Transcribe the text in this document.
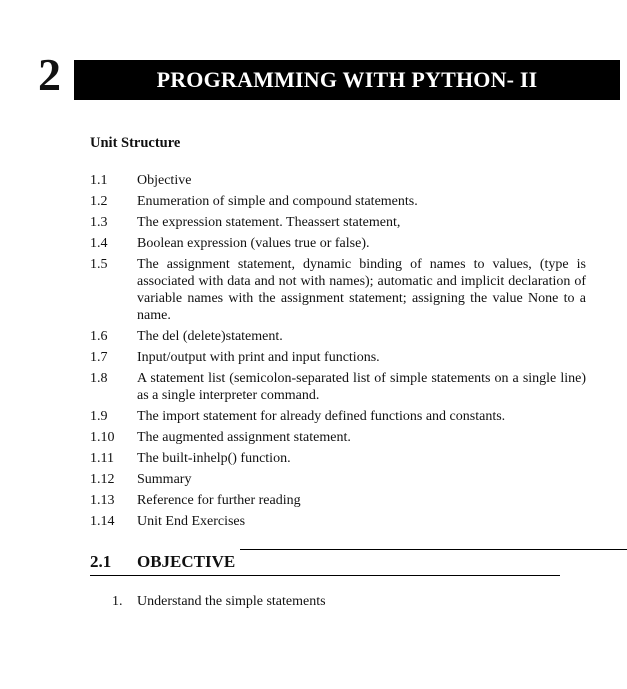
2	PROGRAMMING WITH PYTHON- II
Unit Structure
1.1	Objective
1.2	Enumeration of simple and compound statements.
1.3	The expression statement. Theassert statement,
1.4	Boolean expression (values true or false).
1.5	The assignment statement, dynamic binding of names to values, (type is associated with data and not with names); automatic and implicit declaration of variable names with the assignment statement; assigning the value None to a name.
1.6	The del (delete)statement.
1.7	Input/output with print and input functions.
1.8	A statement list (semicolon-separated list of simple statements on a single line) as a single interpreter command.
1.9	The import statement for already defined functions and constants.
1.10	The augmented assignment statement.
1.11	The built-inhelp() function.
1.12	Summary
1.13	Reference for further reading
1.14	Unit End Exercises
2.1	OBJECTIVE
1.	Understand the simple statements
